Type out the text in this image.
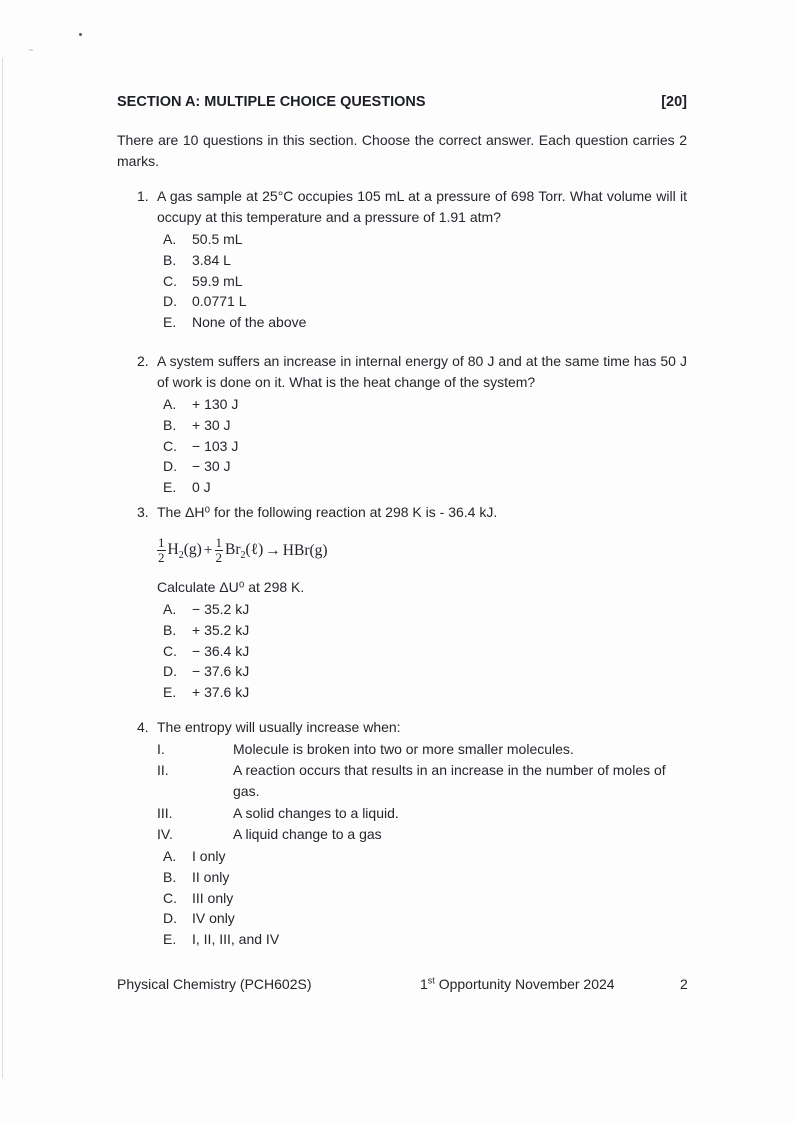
SECTION A: MULTIPLE CHOICE QUESTIONS	[20]

There are 10 questions in this section. Choose the correct answer. Each question carries 2 marks.

1. A gas sample at 25°C occupies 105 mL at a pressure of 698 Torr. What volume will it occupy at this temperature and a pressure of 1.91 atm?
A.	50.5 mL
B.	3.84 L
C.	59.9 mL
D.	0.0771 L
E.	None of the above
2. A system suffers an increase in internal energy of 80 J and at the same time has 50 J of work is done on it. What is the heat change of the system?
A.	+ 130 J
B.	+ 30 J
C.	− 103 J
D.	− 30 J
E.	0 J
3. The ΔH⁰ for the following reaction at 298 K is - 36.4 kJ.
$\frac{1}{2} H_2(g) + \frac{1}{2}$ $Br_2(\ell) \to HBr(g)$
Calculate ΔU⁰ at 298 K.
A.	− 35.2 kJ
B.	+ 35.2 kJ
C.	− 36.4 kJ
D.	− 37.6 kJ
E.	+ 37.6 kJ
4. The entropy will usually increase when:
I.	Molecule is broken into two or more smaller molecules.
II.	A reaction occurs that results in an increase in the number of moles of gas.
III.	A solid changes to a liquid.
IV.	A liquid change to a gas
A.	I only
B.	II only
C.	III only
D.	IV only
E.	I, II, III, and IV
Physical Chemistry (PCH602S)	1st Opportunity November 2024	2
